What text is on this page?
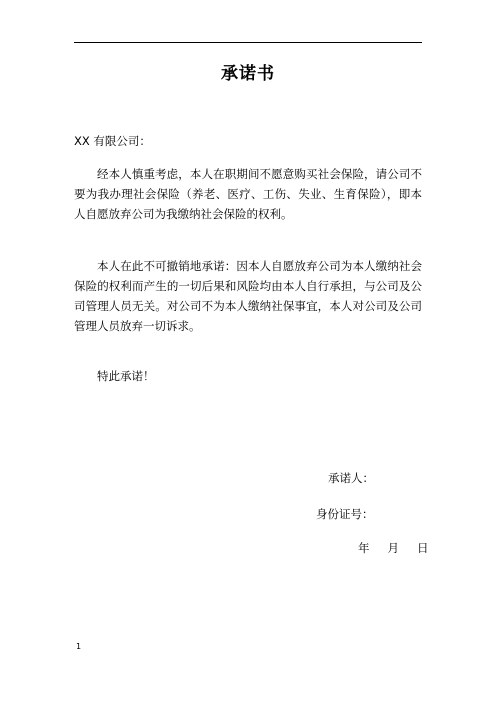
承诺书
XX 有限公司：
经本人慎重考虑，本人在职期间不愿意购买社会保险，请公司不要为我办理社会保险（养老、医疗、工伤、失业、生育保险），即本人自愿放弃公司为我缴纳社会保险的权利。
本人在此不可撤销地承诺：因本人自愿放弃公司为本人缴纳社会保险的权利而产生的一切后果和风险均由本人自行承担，与公司及公司管理人员无关。对公司不为本人缴纳社保事宜，本人对公司及公司管理人员放弃一切诉求。
特此承诺！
承诺人：
身份证号：
年 月 日
1
